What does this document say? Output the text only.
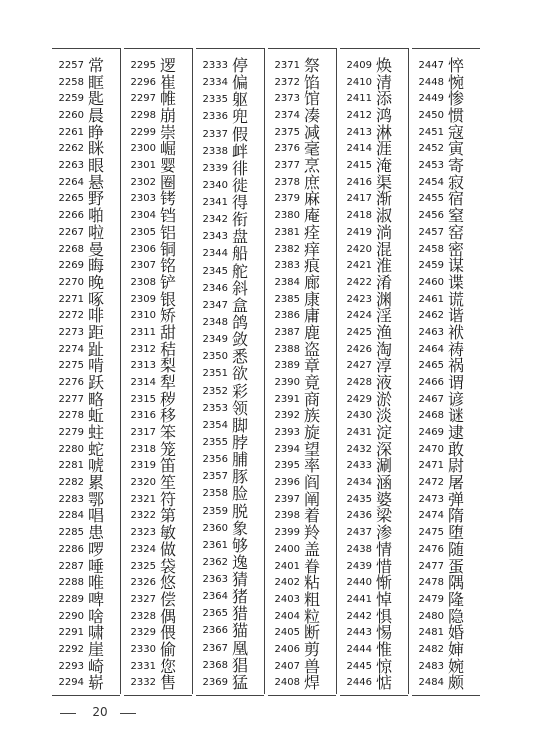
2257 常
2258 眶
2259 匙
2260 晨
2261 睁
2262 眯
2263 眼
2264 悬
2265 野
2266 啪
2267 啦
2268 曼
2269 晦
2270 晚
2271 啄
2272 啡
2273 距
2274 趾
2275 啃
2276 跃
2277 略
2278 蚯
2279 蛀
2280 蛇
2281 唬
2282 累
2283 鄂
2284 唱
2285 患
2286 啰
2287 唾
2288 唯
2289 啤
2290 啥
2291 啸
2292 崖
2293 崎
2294 崭
2295 逻
2296 崔
2297 帷
2298 崩
2299 崇
2300 崛
2301 婴
2302 圈
2303 铐
2304 铛
2305 铝
2306 铜
2307 铭
2308 铲
2309 银
2310 矫
2311 甜
2312 秸
2313 梨
2314 犁
2315 秽
2316 移
2317 笨
2318 笼
2319 笛
2320 笙
2321 符
2322 第
2323 敏
2324 做
2325 袋
2326 悠
2327 偿
2328 偶
2329 偎
2330 偷
2331 您
2332 售
2333 停
2334 偏
2335 躯
2336 兜
2337 假
2338 衅
2339 徘
2340 徙
2341 得
2342 衔
2343 盘
2344 船
2345 舵
2346 斜
2347 盒
2348 鸽
2349 敛
2350 悉
2351 欲
2352 彩
2353 领
2354 脚
2355 脖
2356 脯
2357 豚
2358 脸
2359 脱
2360 象
2361 够
2362 逸
2363 猜
2364 猪
2365 猎
2366 猫
2367 凰
2368 猖
2369 猛
2371 祭
2372 馅
2373 馆
2374 凑
2375 减
2376 毫
2377 烹
2378 庶
2379 麻
2380 庵
2381 痊
2382 痒
2383 痕
2384 廊
2385 康
2386 庸
2387 鹿
2388 盗
2389 章
2390 竟
2391 商
2392 族
2393 旋
2394 望
2395 率
2396 阎
2397 阐
2398 着
2399 羚
2400 盖
2401 眷
2402 粘
2403 粗
2404 粒
2405 断
2406 剪
2407 兽
2408 焊
2409 焕
2410 清
2411 添
2412 鸿
2413 淋
2414 涯
2415 淹
2416 渠
2417 渐
2418 淑
2419 淌
2420 混
2421 淮
2422 淆
2423 渊
2424 淫
2425 渔
2426 淘
2427 淳
2428 液
2429 淤
2430 淡
2431 淀
2432 深
2433 涮
2434 涵
2435 婆
2436 梁
2437 渗
2438 情
2439 惜
2440 惭
2441 悼
2442 惧
2443 惕
2444 惟
2445 惊
2446 惦
2447 悴
2448 惋
2449 惨
2450 惯
2451 寇
2452 寅
2453 寄
2454 寂
2455 宿
2456 窒
2457 窑
2458 密
2459 谋
2460 谍
2461 谎
2462 谐
2463 袱
2464 祷
2465 祸
2466 谓
2467 谚
2468 谜
2469 逮
2470 敢
2471 尉
2472 屠
2473 弹
2474 隋
2475 堕
2476 随
2477 蛋
2478 隅
2479 隆
2480 隐
2481 婚
2482 婶
2483 婉
2484 颇
20
